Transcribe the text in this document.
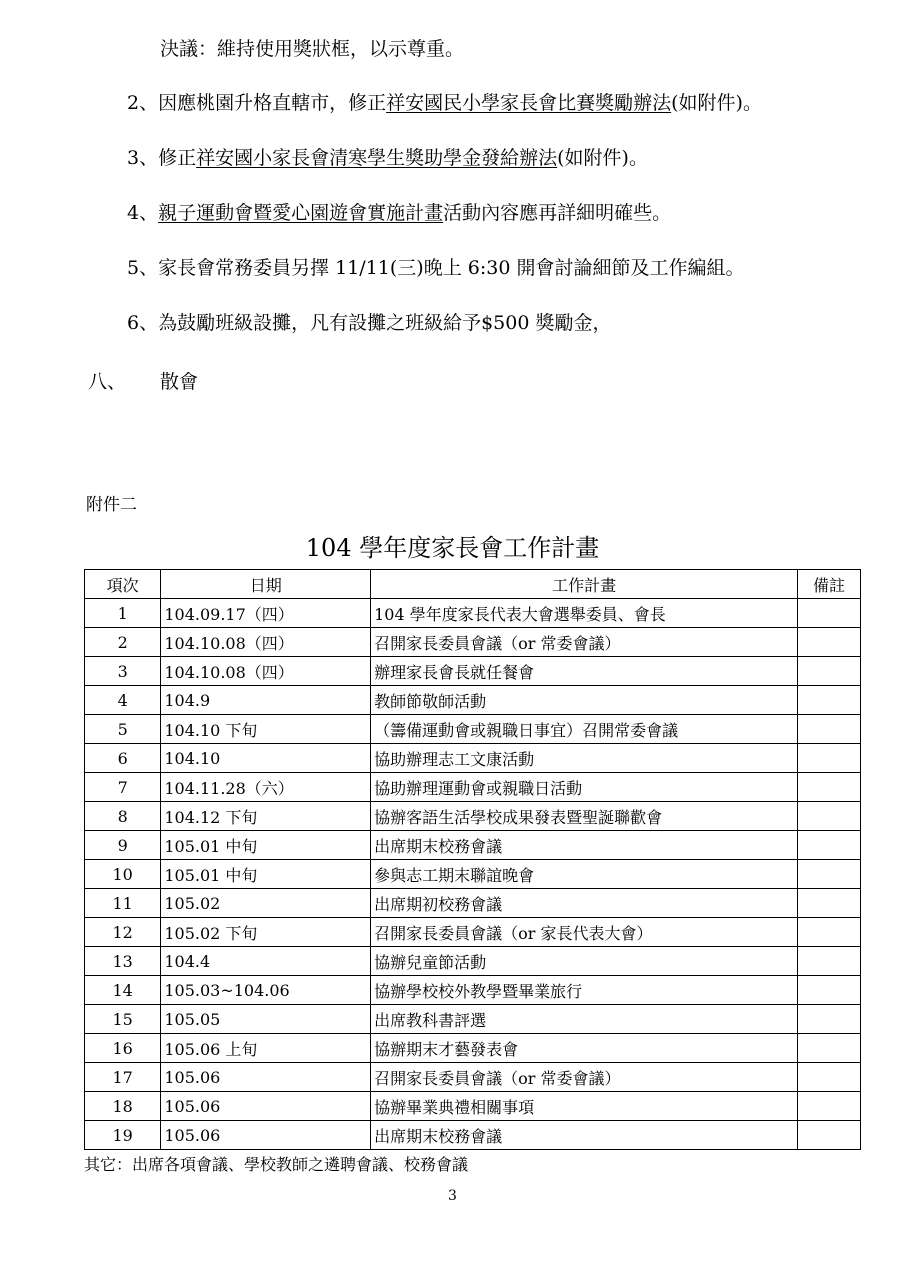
決議：維持使用獎狀框，以示尊重。
2、因應桃園升格直轄市，修正祥安國民小學家長會比賽獎勵辦法(如附件)。
3、修正祥安國小家長會清寒學生獎助學金發給辦法(如附件)。
4、親子運動會暨愛心園遊會實施計畫活動內容應再詳細明確些。
5、家長會常務委員另擇 11/11(三)晚上 6:30 開會討論細節及工作編組。
6、為鼓勵班級設攤，凡有設攤之班級給予$500 獎勵金，
八、 散會
附件二
104 學年度家長會工作計畫
項次	日期	工作計畫	備註
1	104.09.17（四）	104 學年度家長代表大會選舉委員、會長	
2	104.10.08（四）	召開家長委員會議（or 常委會議）	
3	104.10.08（四）	辦理家長會長就任餐會	
4	104.9	教師節敬師活動	
5	104.10 下旬	（籌備運動會或親職日事宜）召開常委會議	
6	104.10	協助辦理志工文康活動	
7	104.11.28（六）	協助辦理運動會或親職日活動	
8	104.12 下旬	協辦客語生活學校成果發表暨聖誕聯歡會	
9	105.01 中旬	出席期末校務會議	
10	105.01 中旬	參與志工期末聯誼晚會	
11	105.02	出席期初校務會議	
12	105.02 下旬	召開家長委員會議（or 家長代表大會）	
13	104.4	協辦兒童節活動	
14	105.03~104.06	協辦學校校外教學暨畢業旅行	
15	105.05	出席教科書評選	
16	105.06 上旬	協辦期末才藝發表會	
17	105.06	召開家長委員會議（or 常委會議）	
18	105.06	協辦畢業典禮相關事項	
19	105.06	出席期末校務會議	
其它：出席各項會議、學校教師之遴聘會議、校務會議
3
